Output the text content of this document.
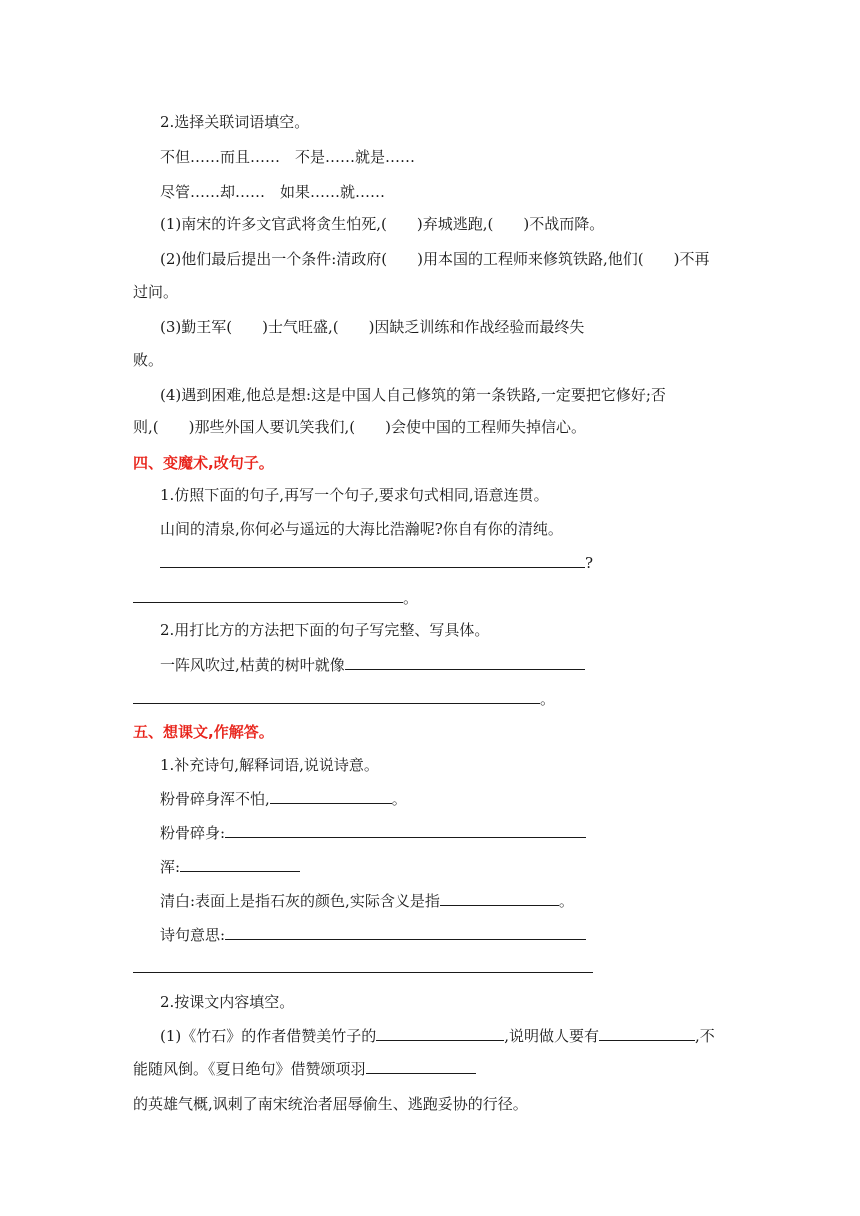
2.选择关联词语填空。
不但……而且……　不是……就是……
尽管……却……　如果……就……
(1)南宋的许多文官武将贪生怕死,(　　)弃城逃跑,(　　)不战而降。
(2)他们最后提出一个条件:清政府(　　)用本国的工程师来修筑铁路,他们(　　)不再
过问。
(3)勤王军(　　)士气旺盛,(　　)因缺乏训练和作战经验而最终失
败。
(4)遇到困难,他总是想:这是中国人自己修筑的第一条铁路,一定要把它修好;否
则,(　　)那些外国人要讥笑我们,(　　)会使中国的工程师失掉信心。
四、变魔术,改句子。
1.仿照下面的句子,再写一个句子,要求句式相同,语意连贯。
山间的清泉,你何必与遥远的大海比浩瀚呢?你自有你的清纯。
?
。
2.用打比方的方法把下面的句子写完整、写具体。
一阵风吹过,枯黄的树叶就像
。
五、想课文,作解答。
1.补充诗句,解释词语,说说诗意。
粉骨碎身浑不怕,	。
粉骨碎身:
浑:
清白:表面上是指石灰的颜色,实际含义是指	。
诗句意思:
2.按课文内容填空。
(1)《竹石》的作者借赞美竹子的	,说明做人要有	,不
能随风倒。《夏日绝句》借赞颂项羽
的英雄气概,讽刺了南宋统治者屈辱偷生、逃跑妥协的行径。
